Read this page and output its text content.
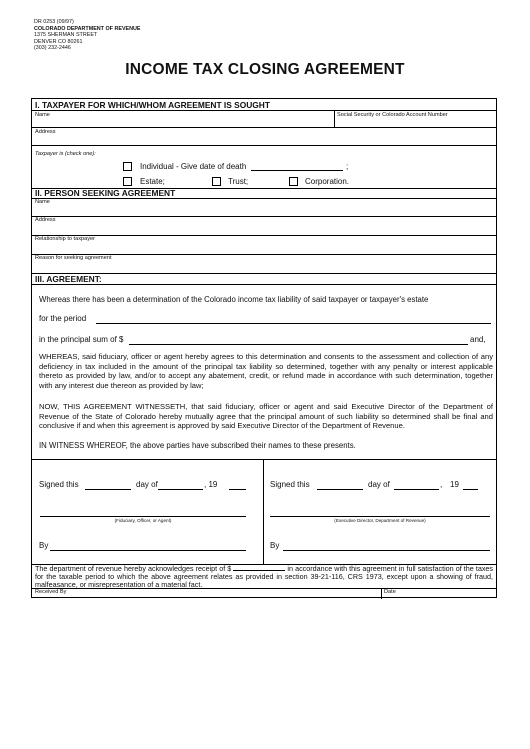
DR 0253 (09/97)
COLORADO DEPARTMENT OF REVENUE
1375 SHERMAN STREET
DENVER CO 80261
(303) 232-2446
INCOME TAX CLOSING AGREEMENT
I. TAXPAYER FOR WHICH/WHOM AGREEMENT IS SOUGHT
Name	Social Security or Colorado Account Number
Address
Taxpayer is (check one):
Individual - Give date of death	;
Estate;	Trust;	Corporation.
II. PERSON SEEKING AGREEMENT
Name
Address
Relationship to taxpayer
Reason for seeking agreement
III. AGREEMENT:
Whereas there has been a determination of the Colorado income tax liability of said taxpayer or taxpayer's estate
for the period
in the principal sum of $	and,
WHEREAS, said fiduciary, officer or agent hereby agrees to this determination and consents to the assessment and collection of any deficiency in tax included in the amount of the principal tax liability so determined, together with any penalty or interest applicable thereto as provided by law, and/or to accept any abatement, credit, or refund made in accordance with such determination, together with any interest due thereon as provided by law;
NOW, THIS AGREEMENT WITNESSETH, that said fiduciary, officer or agent and said Executive Director of the Department of Revenue of the State of Colorado hereby mutually agree that the principal amount of such liability so determined shall be final and conclusive if and when this agreement is approved by said Executive Director of the Department of Revenue.
IN WITNESS WHEREOF, the above parties have subscribed their names to these presents.
Signed this	day of	, 19	Signed this	day of	, 19
(Fiduciary, Officer, or Agent)	(Executive Director, Department of Revenue)
By	By
The department of revenue hereby acknowledges receipt of $	in accordance with this agreement in full satisfaction of the taxes for the taxable period to which the above agreement relates as provided in section 39-21-116, CRS 1973, except upon a showing of fraud, malfeasance, or misrepresentation of a material fact.
Received By	Date
